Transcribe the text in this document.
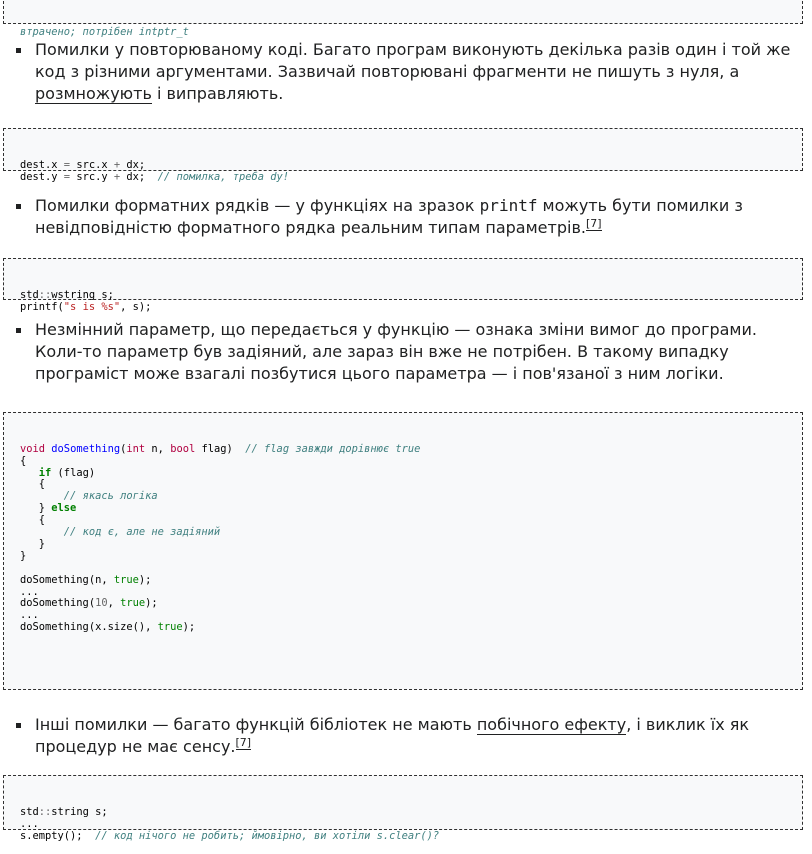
втрачено; потрібен intptr_t

Помилки у повторюваному коді. Багато програм виконують декілька разів один і той же код з різними аргументами. Зазвичай повторювані фрагменти не пишуть з нуля, а розмножують і виправляють.

dest.x = src.x + dx;
dest.y = src.y + dx;  // помилка, треба dy!

Помилки форматних рядків — у функціях на зразок printf можуть бути помилки з невідповідністю форматного рядка реальним типам параметрів.[7]

std::wstring s;
printf("s is %s", s);

Незмінний параметр, що передається у функцію — ознака зміни вимог до програми. Коли-то параметр був задіяний, але зараз він вже не потрібен. В такому випадку програміст може взагалі позбутися цього параметра — і пов'язаної з ним логіки.

void doSomething(int n, bool flag)  // flag завжди дорівнює true
{
if (flag)
{
// якась логіка
} else
{
// код є, але не задіяний
}
}
doSomething(n, true);
...
doSomething(10, true);
...
doSomething(x.size(), true);

Інші помилки — багато функцій бібліотек не мають побічного ефекту, і виклик їх як процедур не має сенсу.[7]

std::string s;
...
s.empty();  // код нічого не робить; ймовірно, ви хотіли s.clear()?
